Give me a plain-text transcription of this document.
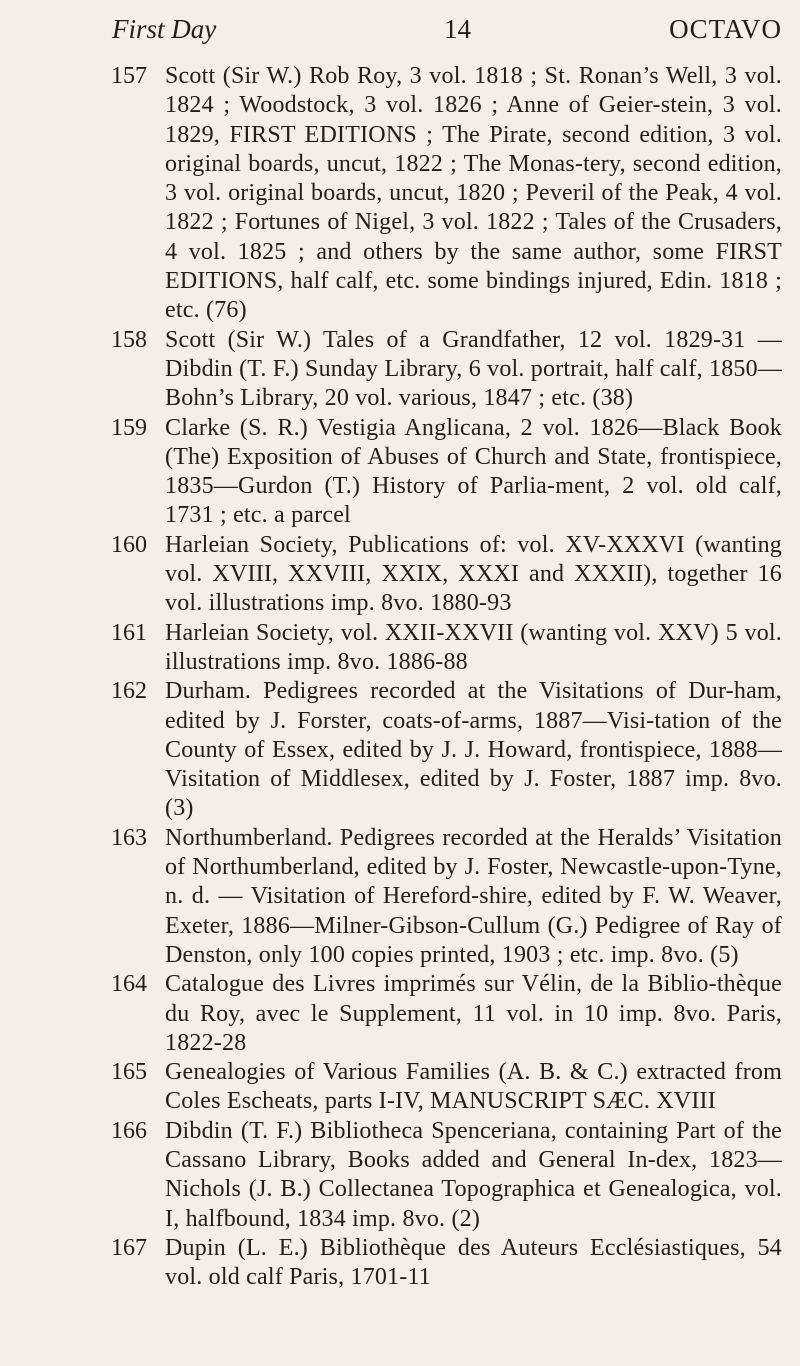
First Day	14	OCTAVO
157 Scott (Sir W.) Rob Roy, 3 vol. 1818 ; St. Ronan’s Well, 3 vol. 1824 ; Woodstock, 3 vol. 1826 ; Anne of Geier-stein, 3 vol. 1829, FIRST EDITIONS ; The Pirate, second edition, 3 vol. original boards, uncut, 1822 ; The Monas-tery, second edition, 3 vol. original boards, uncut, 1820 ; Peveril of the Peak, 4 vol. 1822 ; Fortunes of Nigel, 3 vol. 1822 ; Tales of the Crusaders, 4 vol. 1825 ; and others by the same author, some FIRST EDITIONS, half calf, etc. some bindings injured, Edin. 1818 ; etc. (76)
158 Scott (Sir W.) Tales of a Grandfather, 12 vol. 1829-31 —Dibdin (T. F.) Sunday Library, 6 vol. portrait, half calf, 1850—Bohn’s Library, 20 vol. various, 1847 ; etc. (38)
159 Clarke (S. R.) Vestigia Anglicana, 2 vol. 1826—Black Book (The) Exposition of Abuses of Church and State, frontispiece, 1835—Gurdon (T.) History of Parlia-ment, 2 vol. old calf, 1731 ; etc. a parcel
160 Harleian Society, Publications of: vol. XV-XXXVI (wanting vol. XVIII, XXVIII, XXIX, XXXI and XXXII), together 16 vol. illustrations imp. 8vo. 1880-93
161 Harleian Society, vol. XXII-XXVII (wanting vol. XXV) 5 vol. illustrations imp. 8vo. 1886-88
162 Durham. Pedigrees recorded at the Visitations of Dur-ham, edited by J. Forster, coats-of-arms, 1887—Visi-tation of the County of Essex, edited by J. J. Howard, frontispiece, 1888—Visitation of Middlesex, edited by J. Foster, 1887 imp. 8vo. (3)
163 Northumberland. Pedigrees recorded at the Heralds’ Visitation of Northumberland, edited by J. Foster, Newcastle-upon-Tyne, n. d. — Visitation of Hereford-shire, edited by F. W. Weaver, Exeter, 1886—Milner-Gibson-Cullum (G.) Pedigree of Ray of Denston, only 100 copies printed, 1903 ; etc. imp. 8vo. (5)
164 Catalogue des Livres imprimés sur Vélin, de la Biblio-thèque du Roy, avec le Supplement, 11 vol. in 10 imp. 8vo. Paris, 1822-28
165 Genealogies of Various Families (A. B. & C.) extracted from Coles Escheats, parts I-IV, MANUSCRIPT SÆC. XVIII
166 Dibdin (T. F.) Bibliotheca Spenceriana, containing Part of the Cassano Library, Books added and General In-dex, 1823—Nichols (J. B.) Collectanea Topographica et Genealogica, vol. I, halfbound, 1834 imp. 8vo. (2)
167 Dupin (L. E.) Bibliothèque des Auteurs Ecclésiastiques, 54 vol. old calf Paris, 1701-11
